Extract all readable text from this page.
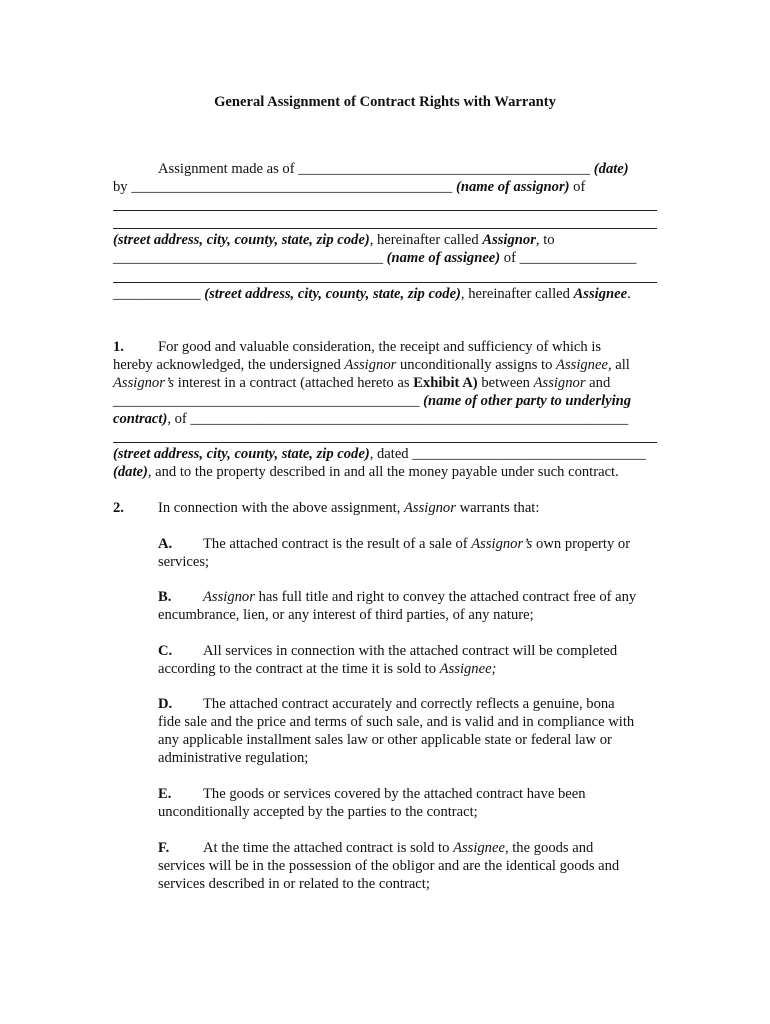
General Assignment of Contract Rights with Warranty
Assignment made as of ________________________________________ (date)
by ____________________________________________ (name of assignor) of
(street address, city, county, state, zip code), hereinafter called Assignor, to
_____________________________________ (name of assignee) of ________________
____________ (street address, city, county, state, zip code), hereinafter called Assignee.
1. For good and valuable consideration, the receipt and sufficiency of which is
hereby acknowledged, the undersigned Assignor unconditionally assigns to Assignee, all
Assignor’s interest in a contract (attached hereto as Exhibit A) between Assignor and
__________________________________________ (name of other party to underlying
contract), of ____________________________________________________________
(street address, city, county, state, zip code), dated ________________________________
(date), and to the property described in and all the money payable under such contract.
2. In connection with the above assignment, Assignor warrants that:
A. The attached contract is the result of a sale of Assignor’s own property or
services;
B. Assignor has full title and right to convey the attached contract free of any
encumbrance, lien, or any interest of third parties, of any nature;
C. All services in connection with the attached contract will be completed
according to the contract at the time it is sold to Assignee;
D. The attached contract accurately and correctly reflects a genuine, bona
fide sale and the price and terms of such sale, and is valid and in compliance with
any applicable installment sales law or other applicable state or federal law or
administrative regulation;
E. The goods or services covered by the attached contract have been
unconditionally accepted by the parties to the contract;
F. At the time the attached contract is sold to Assignee, the goods and
services will be in the possession of the obligor and are the identical goods and
services described in or related to the contract;
